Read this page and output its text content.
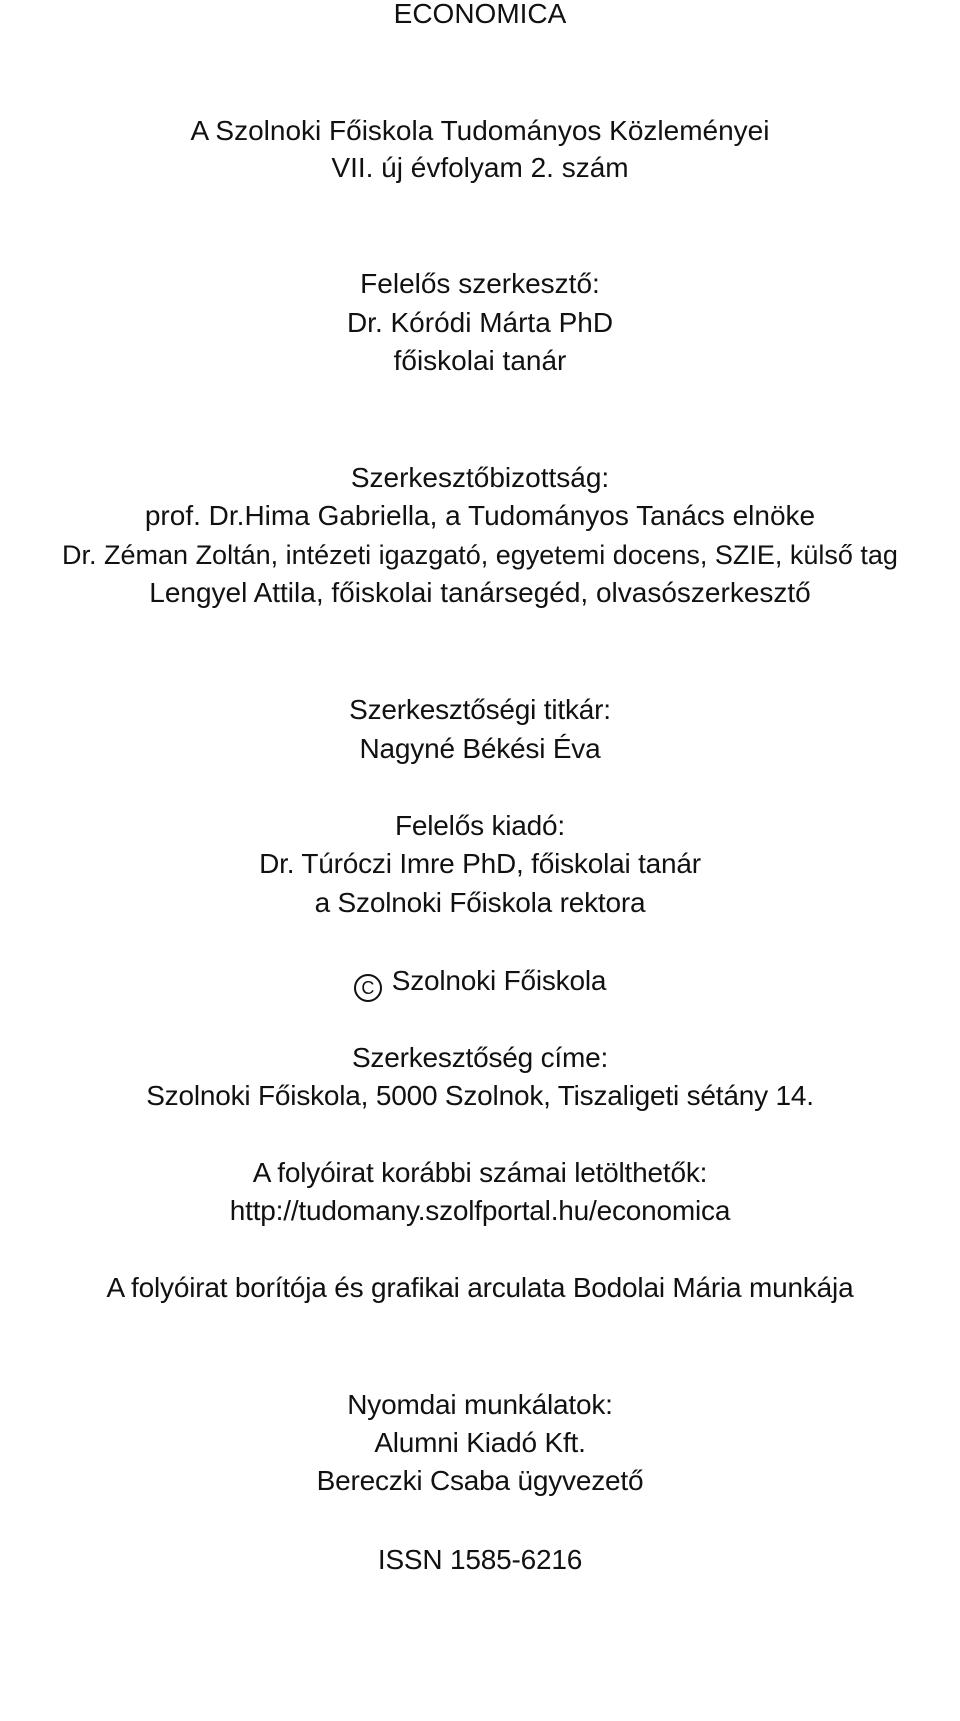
ECONOMICA
A Szolnoki Főiskola Tudományos Közleményei
VII. új évfolyam 2. szám
Felelős szerkesztő:
Dr. Kóródi Márta PhD
főiskolai tanár
Szerkesztőbizottság:
prof. Dr.Hima Gabriella, a Tudományos Tanács elnöke
Dr. Zéman Zoltán, intézeti igazgató, egyetemi docens, SZIE, külső tag
Lengyel Attila, főiskolai tanársegéd, olvasószerkesztő
Szerkesztőségi titkár:
Nagyné Békési Éva
Felelős kiadó:
Dr. Túróczi Imre PhD, főiskolai tanár
a Szolnoki Főiskola rektora
C Szolnoki Főiskola
Szerkesztőség címe:
Szolnoki Főiskola, 5000 Szolnok, Tiszaligeti sétány 14.
A folyóirat korábbi számai letölthetők:
http://tudomany.szolfportal.hu/economica
A folyóirat borítója és grafikai arculata Bodolai Mária munkája
Nyomdai munkálatok:
Alumni Kiadó Kft.
Bereczki Csaba ügyvezető
ISSN 1585-6216
